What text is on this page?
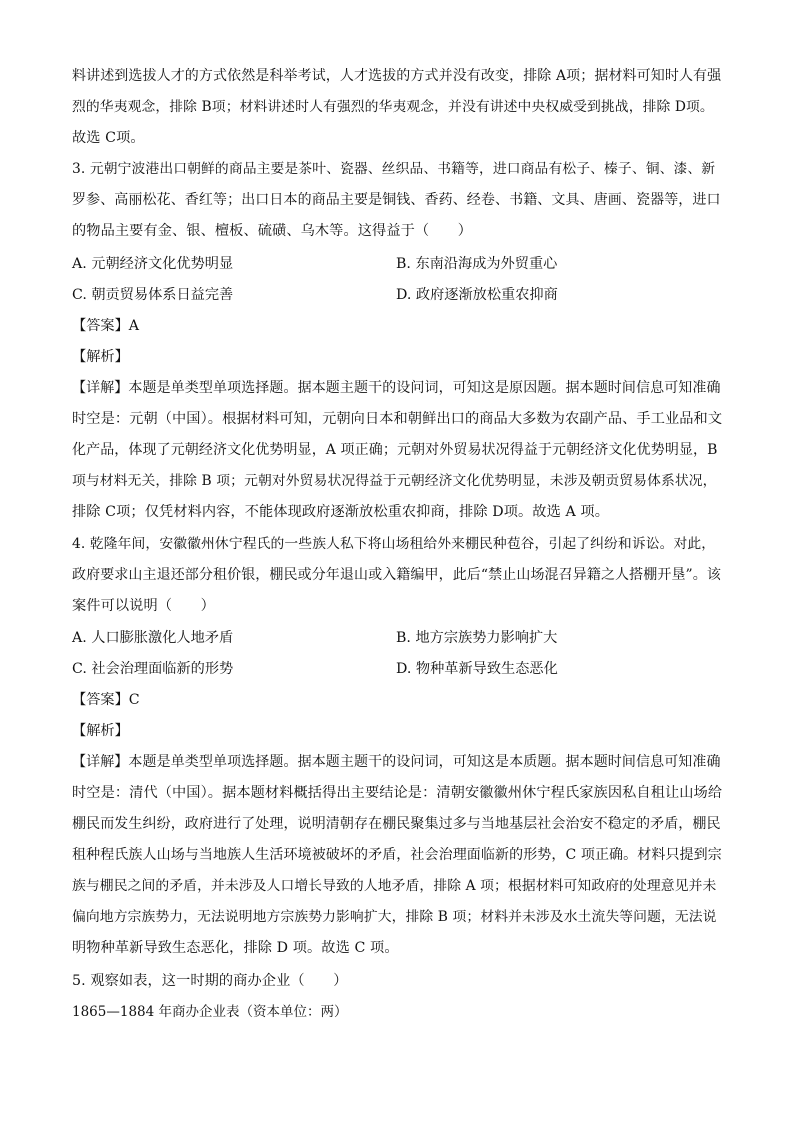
料讲述到选拔人才的方式依然是科举考试，人才选拔的方式并没有改变，排除 A项；据材料可知时人有强
烈的华夷观念，排除 B项；材料讲述时人有强烈的华夷观念，并没有讲述中央权威受到挑战，排除 D项。
故选 C项。
3. 元朝宁波港出口朝鲜的商品主要是茶叶、瓷器、丝织品、书籍等，进口商品有松子、榛子、铜、漆、新
罗参、高丽松花、香红等；出口日本的商品主要是铜钱、香药、经卷、书籍、文具、唐画、瓷器等，进口
的物品主要有金、银、檀板、硫磺、乌木等。这得益于（　　）
A. 元朝经济文化优势明显	B. 东南沿海成为外贸重心
C. 朝贡贸易体系日益完善	D. 政府逐渐放松重农抑商
【答案】A
【解析】
【详解】本题是单类型单项选择题。据本题主题干的设问词，可知这是原因题。据本题时间信息可知准确
时空是：元朝（中国）。根据材料可知，元朝向日本和朝鲜出口的商品大多数为农副产品、手工业品和文
化产品，体现了元朝经济文化优势明显，A 项正确；元朝对外贸易状况得益于元朝经济文化优势明显，B
项与材料无关，排除 B 项；元朝对外贸易状况得益于元朝经济文化优势明显，未涉及朝贡贸易体系状况，
排除 C项；仅凭材料内容，不能体现政府逐渐放松重农抑商，排除 D项。故选 A 项。
4. 乾隆年间，安徽徽州休宁程氏的一些族人私下将山场租给外来棚民种苞谷，引起了纠纷和诉讼。对此，
政府要求山主退还部分租价银，棚民或分年退山或入籍编甲，此后“禁止山场混召异籍之人搭棚开垦”。该
案件可以说明（　　）
A. 人口膨胀激化人地矛盾	B. 地方宗族势力影响扩大
C. 社会治理面临新的形势	D. 物种革新导致生态恶化
【答案】C
【解析】
【详解】本题是单类型单项选择题。据本题主题干的设问词，可知这是本质题。据本题时间信息可知准确
时空是：清代（中国）。据本题材料概括得出主要结论是：清朝安徽徽州休宁程氏家族因私自租让山场给
棚民而发生纠纷，政府进行了处理，说明清朝存在棚民聚集过多与当地基层社会治安不稳定的矛盾，棚民
租种程氏族人山场与当地族人生活环境被破坏的矛盾，社会治理面临新的形势，C 项正确。材料只提到宗
族与棚民之间的矛盾，并未涉及人口增长导致的人地矛盾，排除 A 项；根据材料可知政府的处理意见并未
偏向地方宗族势力，无法说明地方宗族势力影响扩大，排除 B 项；材料并未涉及水土流失等问题，无法说
明物种革新导致生态恶化，排除 D 项。故选 C 项。
5. 观察如表，这一时期的商办企业（　　）
1865—1884 年商办企业表（资本单位：两）
